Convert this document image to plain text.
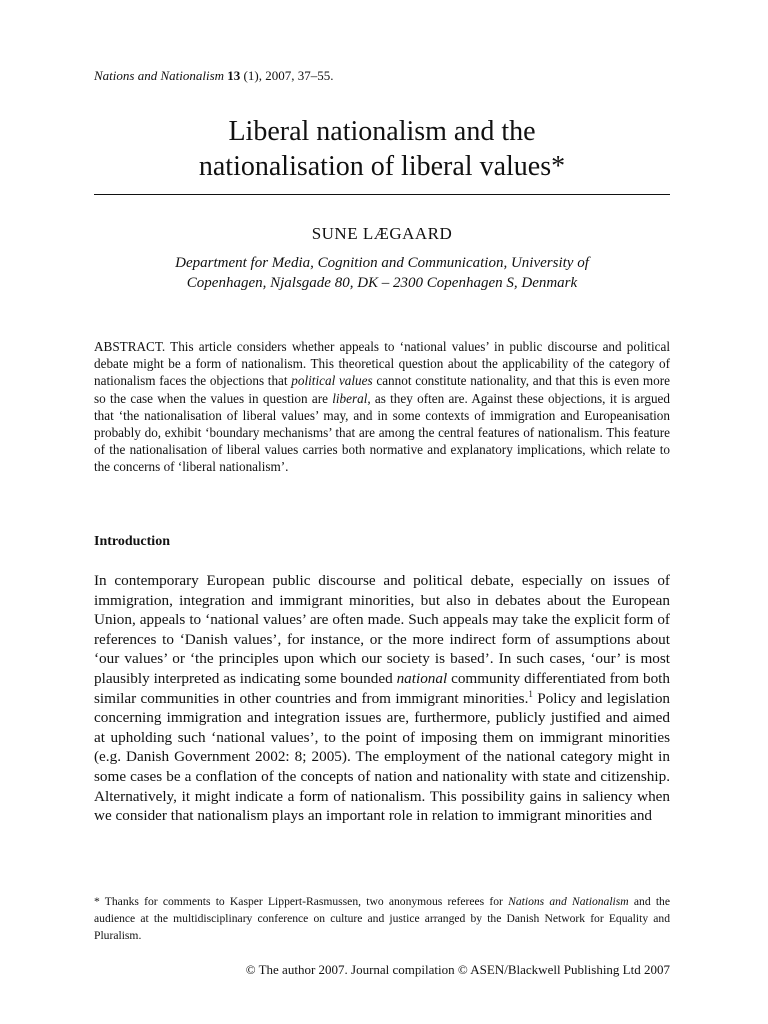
Nations and Nationalism 13 (1), 2007, 37–55.
Liberal nationalism and the
nationalisation of liberal values*
SUNE LÆGAARD
Department for Media, Cognition and Communication, University of
Copenhagen, Njalsgade 80, DK – 2300 Copenhagen S, Denmark

ABSTRACT. This article considers whether appeals to ‘national values’ in public discourse and political debate might be a form of nationalism. This theoretical question about the applicability of the category of nationalism faces the objections that political values cannot constitute nationality, and that this is even more so the case when the values in question are liberal, as they often are. Against these objections, it is argued that ‘the nationalisation of liberal values’ may, and in some contexts of immigration and Europeanisation probably do, exhibit ‘boundary mechanisms’ that are among the central features of nationalism. This feature of the nationalisation of liberal values carries both normative and explanatory implications, which relate to the concerns of ‘liberal nationalism’.

Introduction

In contemporary European public discourse and political debate, especially on issues of immigration, integration and immigrant minorities, but also in debates about the European Union, appeals to ‘national values’ are often made. Such appeals may take the explicit form of references to ‘Danish values’, for instance, or the more indirect form of assumptions about ‘our values’ or ‘the principles upon which our society is based’. In such cases, ‘our’ is most plausibly interpreted as indicating some bounded national community differentiated from both similar communities in other countries and from immigrant minorities.$^1$ Policy and legislation concerning immigration and integration issues are, furthermore, publicly justified and aimed at upholding such ‘national values’, to the point of imposing them on immigrant minorities (e.g. Danish Government 2002: 8; 2005). The employment of the national category might in some cases be a conflation of the concepts of nation and nationality with state and citizenship. Alternatively, it might indicate a form of nationalism. This possibility gains in saliency when we consider that nationalism plays an important role in relation to immigrant minorities and

* Thanks for comments to Kasper Lippert-Rasmussen, two anonymous referees for Nations and Nationalism and the audience at the multidisciplinary conference on culture and justice arranged by the Danish Network for Equality and Pluralism.

© The author 2007. Journal compilation © ASEN/Blackwell Publishing Ltd 2007
